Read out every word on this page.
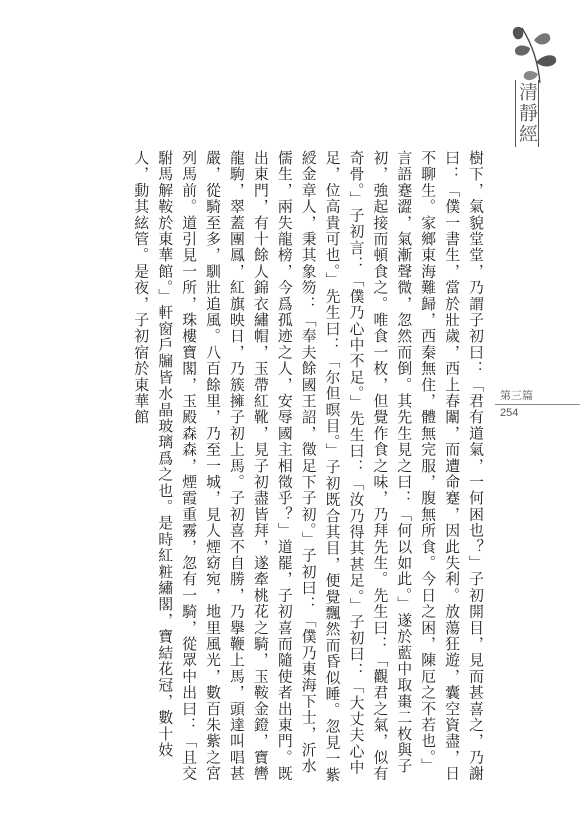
清靜經
第三篇
254

樹下，氣貌堂堂，乃謂子初曰：「君有道氣，一何困也？」子初開目，見而甚喜之，乃謝曰：「僕一書生，當於壯歲，西上春闈，而遭命蹇，因此失利。放蕩狂遊，囊空資盡，日不聊生。家鄉東海難歸，西秦無住，體無完服，腹無所食。今日之困，陳厄之不若也。」言語蹇澀，氣漸聲微，忽然而倒。其先生見之曰：「何以如此。」遂於藍中取棗二枚與子初，強起接而頓食之。唯食一枚，但覺作食之味，乃拜先生。先生曰：「觀君之氣，似有奇骨。」子初言：「僕乃心中不足。」先生曰：「汝乃得其甚足。」子初曰：「大丈夫心中足，位高貴可也。」先生曰：「尔但暝目。」子初既合其目，便覺飄然而昏似睡。忽見一紫綬金章人，秉其象笏：「奉夫餘國王詔，徵足下子初。」子初曰：「僕乃東海下士，沂水儒生，兩失龍榜，今爲孤迹之人，安辱國主相徵乎？」道罷，子初喜而隨使者出東門。既出東門，有十餘人錦衣繡帽，玉帶紅靴，見子初盡皆拜，遂牽桃花之騎，玉鞍金鐙，寶轡龍駒，翠蓋團鳳，紅旗映日，乃簇擁子初上馬。子初喜不自勝，乃擧鞭上馬，頭達叫唱甚嚴，從騎至多，馴壯追風。八百餘里，乃至一城，見人煙窈宛，地里風光，數百朱紫之宮列馬前。道引見一所，珠樓寶閣，玉殿森森，煙霞重霧，忽有一騎，從眾中出曰：「且交駙馬解鞍於東華館。」軒窗戶牖皆水晶玻璃爲之也。是時紅粧繡閣，寶結花冠，數十妓人，動其絃管。是夜，子初宿於東華館
